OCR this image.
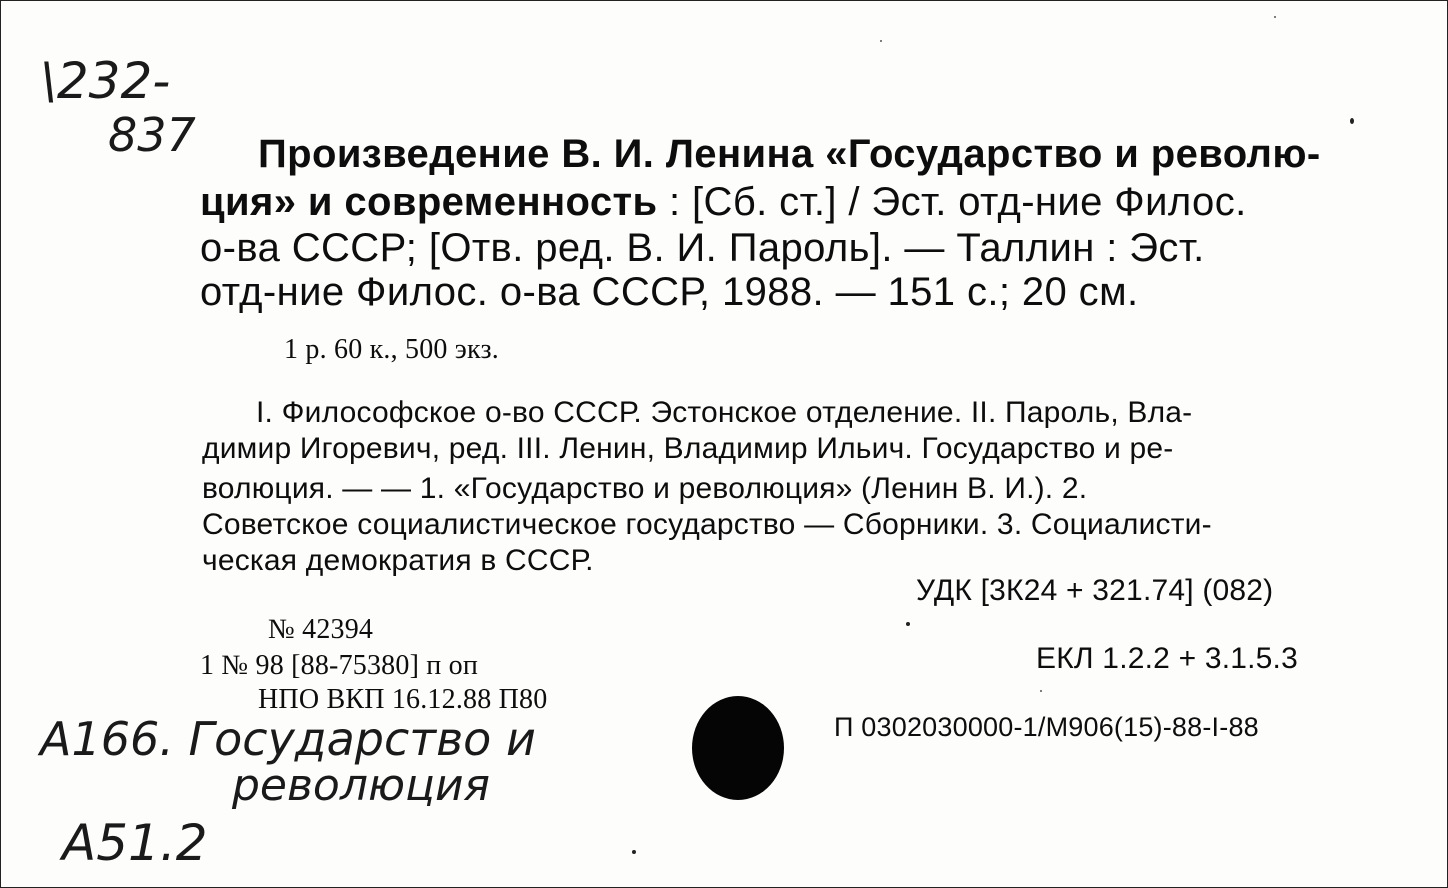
\232-
837 Произведение В. И. Ленина «Государство и револю-
ция» и современность : [Сб. ст.] / Эст. отд-ние Филос.
о-ва СССР; [Отв. ред. В. И. Пароль]. — Таллин : Эст.
отд-ние Филос. о-ва СССР, 1988. — 151 с.; 20 см.
1 р. 60 к., 500 экз.
I. Философское о-во СССР. Эстонское отделение. II. Пароль, Вла-
димир Игоревич, ред. III. Ленин, Владимир Ильич. Государство и ре-
волюция. — — 1. «Государство и революция» (Ленин В. И.). 2.
Советское социалистическое государство — Сборники. 3. Социалисти-
ческая демократия в СССР.
УДК [3К24 + 321.74] (082)
ЕКЛ 1.2.2 + 3.1.5.3
П 0302030000-1/М906(15)-88-I-88
№ 42394
1 № 98 [88-75380] п оп
НПО ВКП 16.12.88 П80
A166. Государство и
революция
A51.2
